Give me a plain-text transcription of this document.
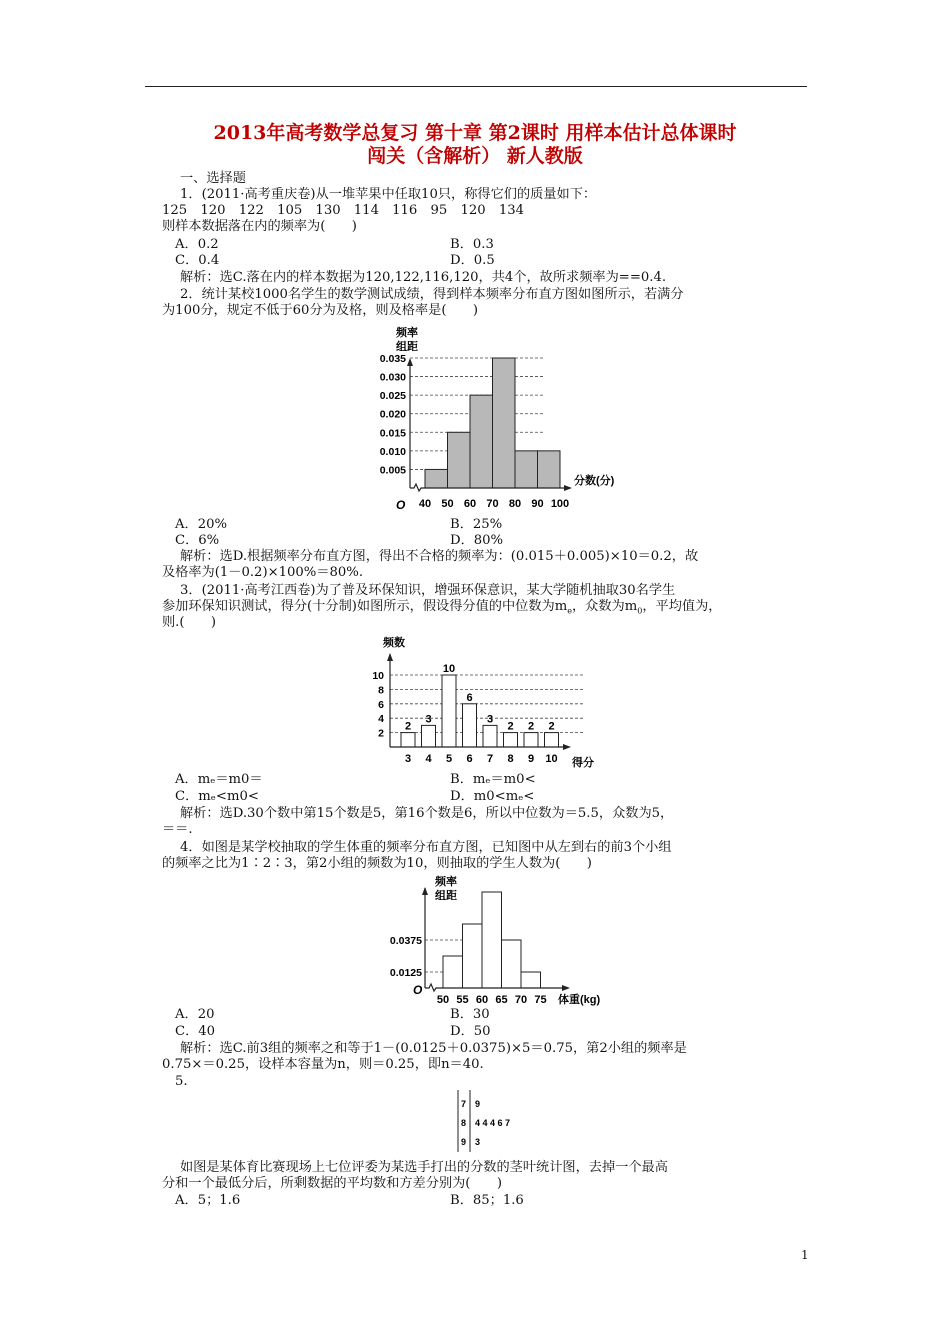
2013年高考数学总复习 第十章 第2课时 用样本估计总体课时
闯关（含解析） 新人教版
一、选择题
1．(2011·高考重庆卷)从一堆苹果中任取10只，称得它们的质量如下：
125　120　122　105　130　114　116　95　120　134
则样本数据落在内的频率为(　　)
A．0.2	B．0.3
C．0.4	D．0.5
解析：选C.落在内的样本数据为120,122,116,120，共4个，故所求频率为==0.4.
2．统计某校1000名学生的数学测试成绩，得到样本频率分布直方图如图所示，若满分
为100分，规定不低于60分为及格，则及格率是(　　)
频率
组距
0.005
0.010
0.015
0.020
0.025
0.030
0.035
分数(分)
O 40 50 60 70 80 90 100
A．20%	B．25%
C．6%	D．80%
解析：选D.根据频率分布直方图，得出不合格的频率为：(0.015＋0.005)×10＝0.2，故
及格率为(1－0.2)×100%＝80%.
3．(2011·高考江西卷)为了普及环保知识，增强环保意识，某大学随机抽取30名学生
参加环保知识测试，得分(十分制)如图所示，假设得分值的中位数为$m_e$，众数为$m_0$，平均值为，
则.(　　)
频数
2
4
6
8
10
2
3
3
4
10
5
6
6
3
7
2
8
2
9
2
10 得分
A．mₑ＝m0＝	B．mₑ＝m0<
C．mₑ<m0<	D．m0<mₑ<
解析：选D.30个数中第15个数是5，第16个数是6，所以中位数为＝5.5，众数为5，
＝＝.
4．如图是某学校抽取的学生体重的频率分布直方图，已知图中从左到右的前3个小组
的频率之比为1∶2∶3，第2小组的频数为10，则抽取的学生人数为(　　)
频率
组距
0.0125
0.0375
体重(kg)
O
50 55 60 65 70 75
A．20	B．30
C．40	D．50
解析：选C.前3组的频率之和等于1－(0.0125＋0.0375)×5＝0.75，第2小组的频率是
0.75×＝0.25，设样本容量为n，则＝0.25，即n＝40.
5.
7 9
8 4 4 4 6 7
9 3
如图是某体育比赛现场上七位评委为某选手打出的分数的茎叶统计图，去掉一个最高
分和一个最低分后，所剩数据的平均数和方差分别为(　　)
A．5；1.6	B．85；1.6
1
